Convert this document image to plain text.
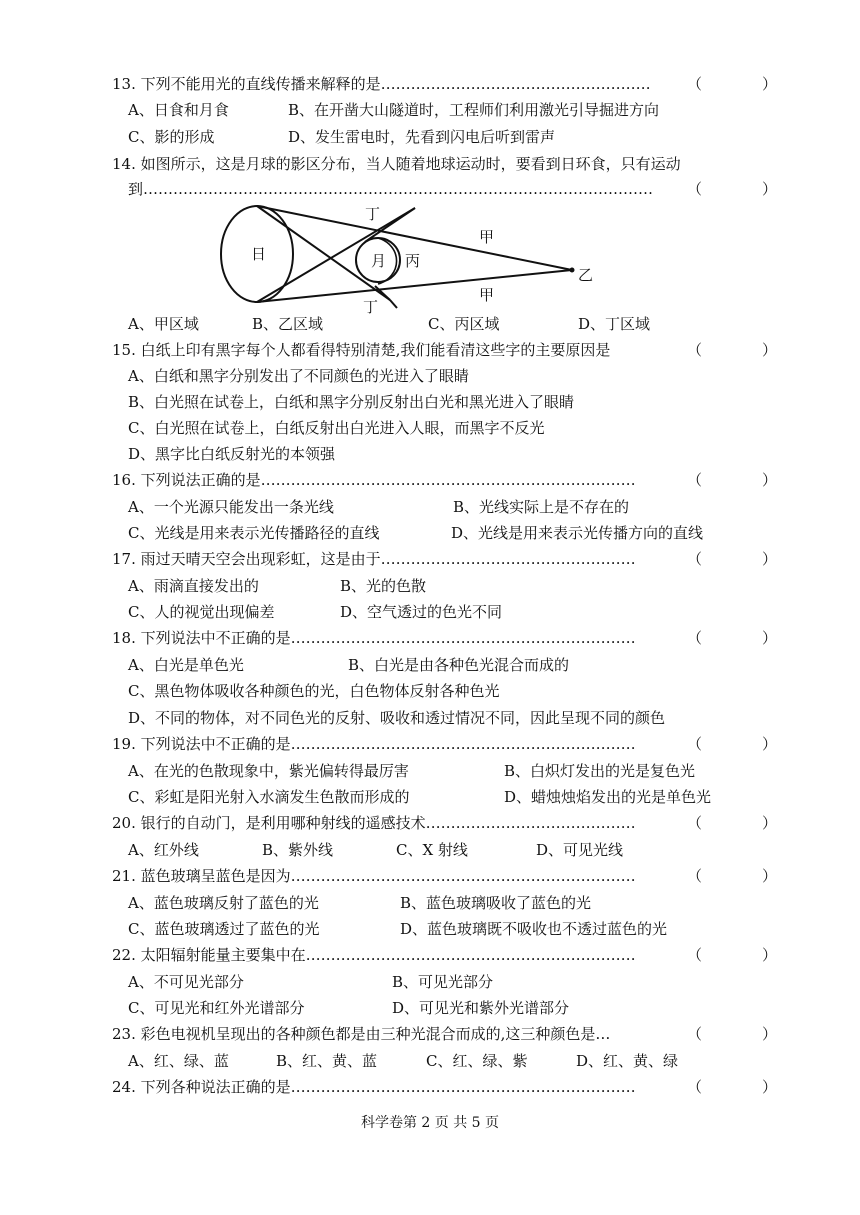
13. 下列不能用光的直线传播来解释的是……………………………………………… （　　　　）
A、日食和月食	B、在开凿大山隧道时，工程师们利用激光引导掘进方向
C、影的形成	D、发生雷电时，先看到闪电后听到雷声
14. 如图所示，这是月球的影区分布，当人随着地球运动时，要看到日环食，只有运动
到………………………………………………………………………………………… （　　　　）
日	月 丙
丁
丁
甲
甲
乙
A、甲区域	B、乙区域	C、丙区域	D、丁区域
15. 白纸上印有黑字每个人都看得特别清楚,我们能看清这些字的主要原因是	（　　　　）
A、白纸和黑字分别发出了不同颜色的光进入了眼睛
B、白光照在试卷上，白纸和黑字分别反射出白光和黑光进入了眼睛
C、白光照在试卷上，白纸反射出白光进入人眼，而黑字不反光
D、黑字比白纸反射光的本领强
16. 下列说法正确的是…………………………………………………………………	（　　　　）
A、一个光源只能发出一条光线	B、光线实际上是不存在的
C、光线是用来表示光传播路径的直线	D、光线是用来表示光传播方向的直线
17. 雨过天晴天空会出现彩虹，这是由于……………………………………………	（　　　　）
A、雨滴直接发出的	B、光的色散
C、人的视觉出现偏差	D、空气透过的色光不同
18. 下列说法中不正确的是……………………………………………………………	（　　　　）
A、白光是单色光	B、白光是由各种色光混合而成的
C、黑色物体吸收各种颜色的光，白色物体反射各种色光
D、不同的物体，对不同色光的反射、吸收和透过情况不同，因此呈现不同的颜色
19. 下列说法中不正确的是……………………………………………………………	（　　　　）
A、在光的色散现象中，紫光偏转得最厉害	B、白炽灯发出的光是复色光
C、彩虹是阳光射入水滴发生色散而形成的	D、蜡烛烛焰发出的光是单色光
20. 银行的自动门，是利用哪种射线的遥感技术……………………………………	（　　　　）
A、红外线	B、紫外线	C、X 射线	D、可见光线
21. 蓝色玻璃呈蓝色是因为……………………………………………………………	（　　　　）
A、蓝色玻璃反射了蓝色的光	B、蓝色玻璃吸收了蓝色的光
C、蓝色玻璃透过了蓝色的光	D、蓝色玻璃既不吸收也不透过蓝色的光
22. 太阳辐射能量主要集中在…………………………………………………………	（　　　　）
A、不可见光部分	B、可见光部分
C、可见光和红外光谱部分	D、可见光和紫外光谱部分
23. 彩色电视机呈现出的各种颜色都是由三种光混合而成的,这三种颜色是…	（　　　　）
A、红、绿、蓝	B、红、黄、蓝	C、红、绿、紫	D、红、黄、绿
24. 下列各种说法正确的是……………………………………………………………	（　　　　）
科学卷第 2 页 共 5 页
